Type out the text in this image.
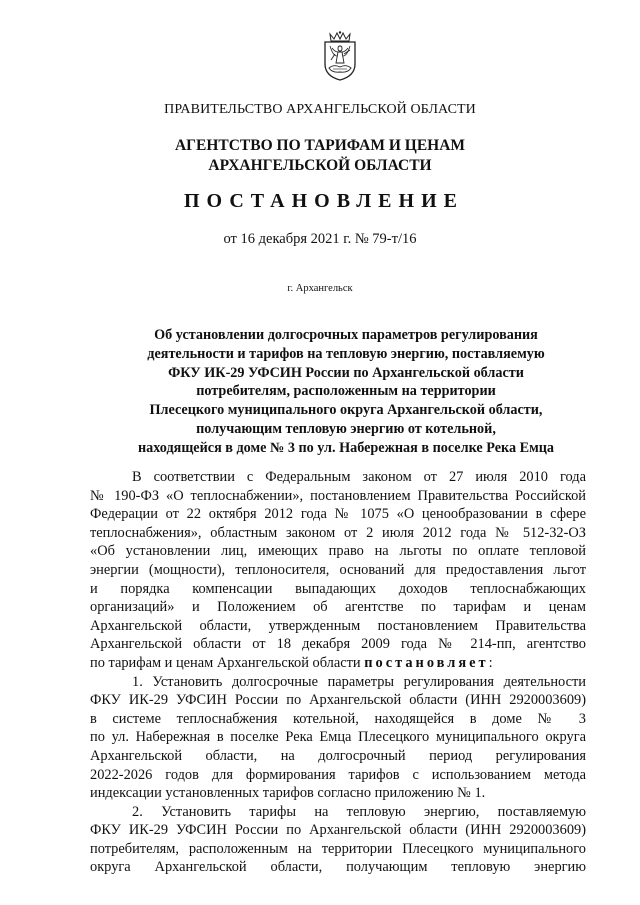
ПРАВИТЕЛЬСТВО АРХАНГЕЛЬСКОЙ ОБЛАСТИ
АГЕНТСТВО ПО ТАРИФАМ И ЦЕНАМ
АРХАНГЕЛЬСКОЙ ОБЛАСТИ
ПОСТАНОВЛЕНИЕ
от 16 декабря 2021 г. № 79-т/16
г. Архангельск
Об установлении долгосрочных параметров регулирования
деятельности и тарифов на тепловую энергию, поставляемую
ФКУ ИК-29 УФСИН России по Архангельской области
потребителям, расположенным на территории
Плесецкого муниципального округа Архангельской области,
получающим тепловую энергию от котельной,
находящейся в доме № 3 по ул. Набережная в поселке Река Емца
В соответствии с Федеральным законом от 27 июля 2010 года
№ 190-ФЗ «О теплоснабжении», постановлением Правительства Российской
Федерации от 22 октября 2012 года № 1075 «О ценообразовании в сфере
теплоснабжения», областным законом от 2 июля 2012 года № 512-32-ОЗ
«Об установлении лиц, имеющих право на льготы по оплате тепловой
энергии (мощности), теплоносителя, оснований для предоставления льгот
и порядка компенсации выпадающих доходов теплоснабжающих
организаций» и Положением об агентстве по тарифам и ценам
Архангельской области, утвержденным постановлением Правительства
Архангельской области от 18 декабря 2009 года № 214-пп, агентство
по тарифам и ценам Архангельской области постановляет:
1. Установить долгосрочные параметры регулирования деятельности
ФКУ ИК-29 УФСИН России по Архангельской области (ИНН 2920003609)
в системе теплоснабжения котельной, находящейся в доме № 3
по ул. Набережная в поселке Река Емца Плесецкого муниципального округа
Архангельской области, на долгосрочный период регулирования
2022-2026 годов для формирования тарифов с использованием метода
индексации установленных тарифов согласно приложению № 1.
2. Установить тарифы на тепловую энергию, поставляемую
ФКУ ИК-29 УФСИН России по Архангельской области (ИНН 2920003609)
потребителям, расположенным на территории Плесецкого муниципального
округа Архангельской области, получающим тепловую энергию
